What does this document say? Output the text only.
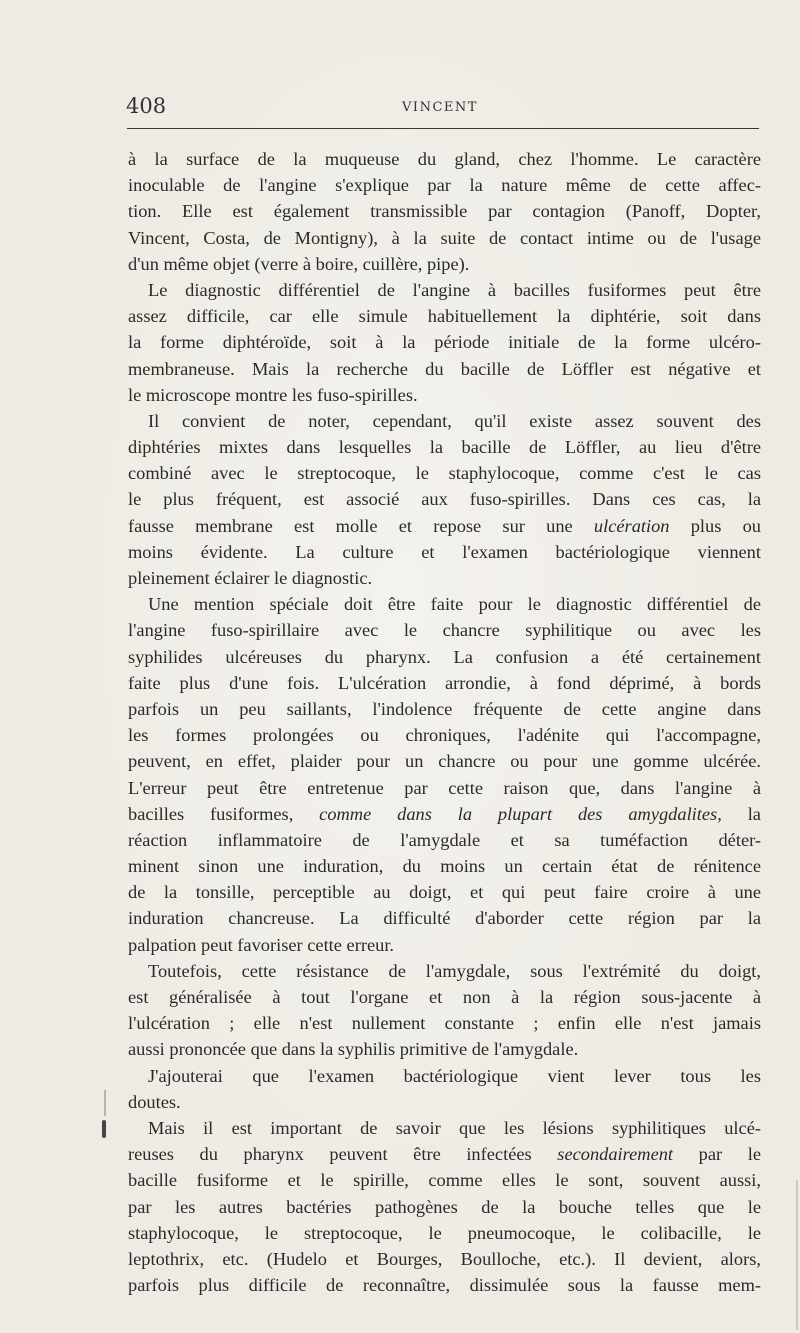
408	VINCENT
à la surface de la muqueuse du gland, chez l'homme. Le caractère
inoculable de l'angine s'explique par la nature même de cette affec-
tion. Elle est également transmissible par contagion (Panoff, Dopter,
Vincent, Costa, de Montigny), à la suite de contact intime ou de l'usage
d'un même objet (verre à boire, cuillère, pipe).
Le diagnostic différentiel de l'angine à bacilles fusiformes peut être
assez difficile, car elle simule habituellement la diphtérie, soit dans
la forme diphtéroïde, soit à la période initiale de la forme ulcéro-
membraneuse. Mais la recherche du bacille de Löffler est négative et
le microscope montre les fuso-spirilles.
Il convient de noter, cependant, qu'il existe assez souvent des
diphtéries mixtes dans lesquelles la bacille de Löffler, au lieu d'être
combiné avec le streptocoque, le staphylocoque, comme c'est le cas
le plus fréquent, est associé aux fuso-spirilles. Dans ces cas, la
fausse membrane est molle et repose sur une ulcération plus ou
moins évidente. La culture et l'examen bactériologique viennent
pleinement éclairer le diagnostic.
Une mention spéciale doit être faite pour le diagnostic différentiel de
l'angine fuso-spirillaire avec le chancre syphilitique ou avec les
syphilides ulcéreuses du pharynx. La confusion a été certainement
faite plus d'une fois. L'ulcération arrondie, à fond déprimé, à bords
parfois un peu saillants, l'indolence fréquente de cette angine dans
les formes prolongées ou chroniques, l'adénite qui l'accompagne,
peuvent, en effet, plaider pour un chancre ou pour une gomme ulcérée.
L'erreur peut être entretenue par cette raison que, dans l'angine à
bacilles fusiformes, comme dans la plupart des amygdalites, la
réaction inflammatoire de l'amygdale et sa tuméfaction déter-
minent sinon une induration, du moins un certain état de rénitence
de la tonsille, perceptible au doigt, et qui peut faire croire à une
induration chancreuse. La difficulté d'aborder cette région par la
palpation peut favoriser cette erreur.
Toutefois, cette résistance de l'amygdale, sous l'extrémité du doigt,
est généralisée à tout l'organe et non à la région sous-jacente à
l'ulcération ; elle n'est nullement constante ; enfin elle n'est jamais
aussi prononcée que dans la syphilis primitive de l'amygdale.
J'ajouterai que l'examen bactériologique vient lever tous les
doutes.
Mais il est important de savoir que les lésions syphilitiques ulcé-
reuses du pharynx peuvent être infectées secondairement par le
bacille fusiforme et le spirille, comme elles le sont, souvent aussi,
par les autres bactéries pathogènes de la bouche telles que le
staphylocoque, le streptocoque, le pneumocoque, le colibacille, le
leptothrix, etc. (Hudelo et Bourges, Boulloche, etc.). Il devient, alors,
parfois plus difficile de reconnaître, dissimulée sous la fausse mem-
